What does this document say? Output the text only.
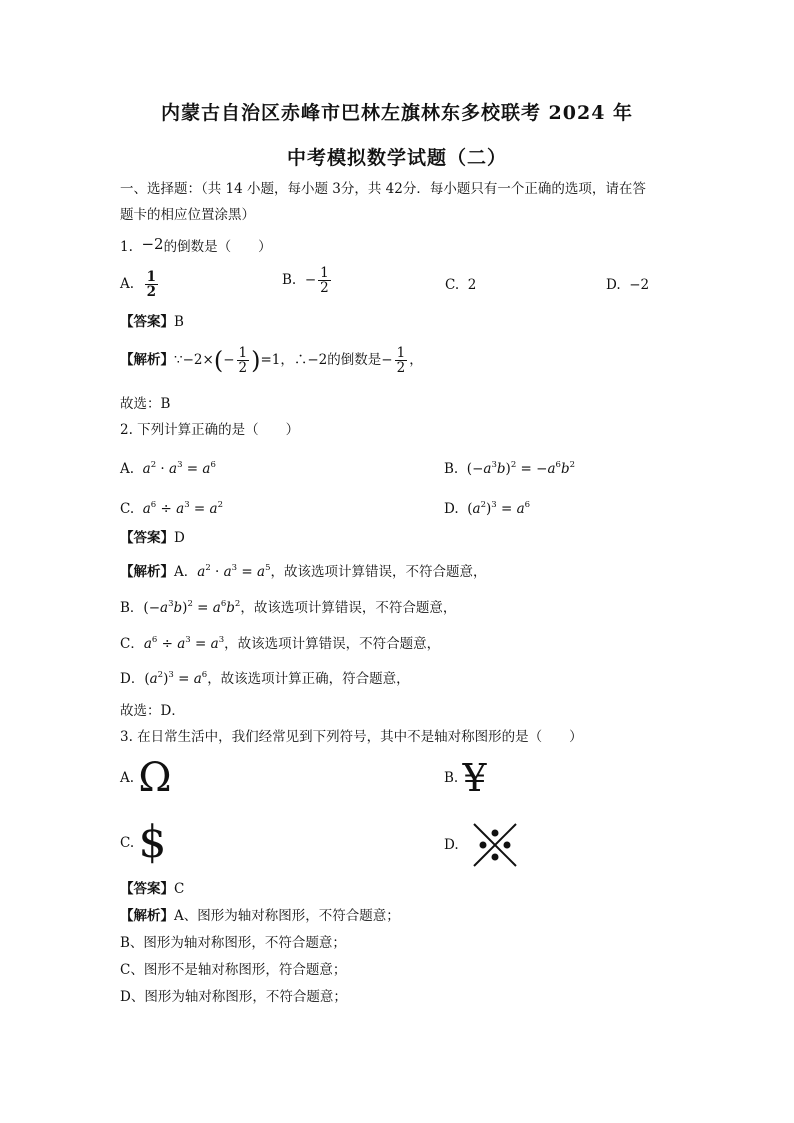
内蒙古自治区赤峰市巴林左旗林东多校联考 2024 年
中考模拟数学试题（二）
一、选择题：（共 14 小题，每小题 3分，共 42分．每小题只有一个正确的选项，请在答
题卡的相应位置涂黑）
1. −2的倒数是（　　）
A. $\frac{1}{2}$	B. − $\frac{1}{2}$	C. 2	D. −2
【答案】B
【解析】∵−2×(− $\frac{1}{2} )=1$，∴−2的倒数是− $\frac{1}{2}$ ，
故选：B
2. 下列计算正确的是（　　）
A. $a^2 \cdot a^3 = a^6$	B.  $(-a^3b)^2 = -a^6b^2$
C. $a^6 \div a^3 = a^2$	D.  $(a^2)^3 = a^6$
【答案】D
【解析】A．$a^2 \cdot a^3 = a^5$，故该选项计算错误，不符合题意，
B．$(-a^3b)^2 = a^6b^2$，故该选项计算错误，不符合题意，
C．$a^6 \div a^3 = a^3$，故该选项计算错误，不符合题意，
D．$(a^2)^3 = a^6$，故该选项计算正确，符合题意，
故选：D．
3. 在日常生活中，我们经常见到下列符号，其中不是轴对称图形的是（　　）
A. Ω	B. ¥
C. $	D.
【答案】C
【解析】A、图形为轴对称图形，不符合题意；
B、图形为轴对称图形，不符合题意；
C、图形不是轴对称图形，符合题意；
D、图形为轴对称图形，不符合题意；
